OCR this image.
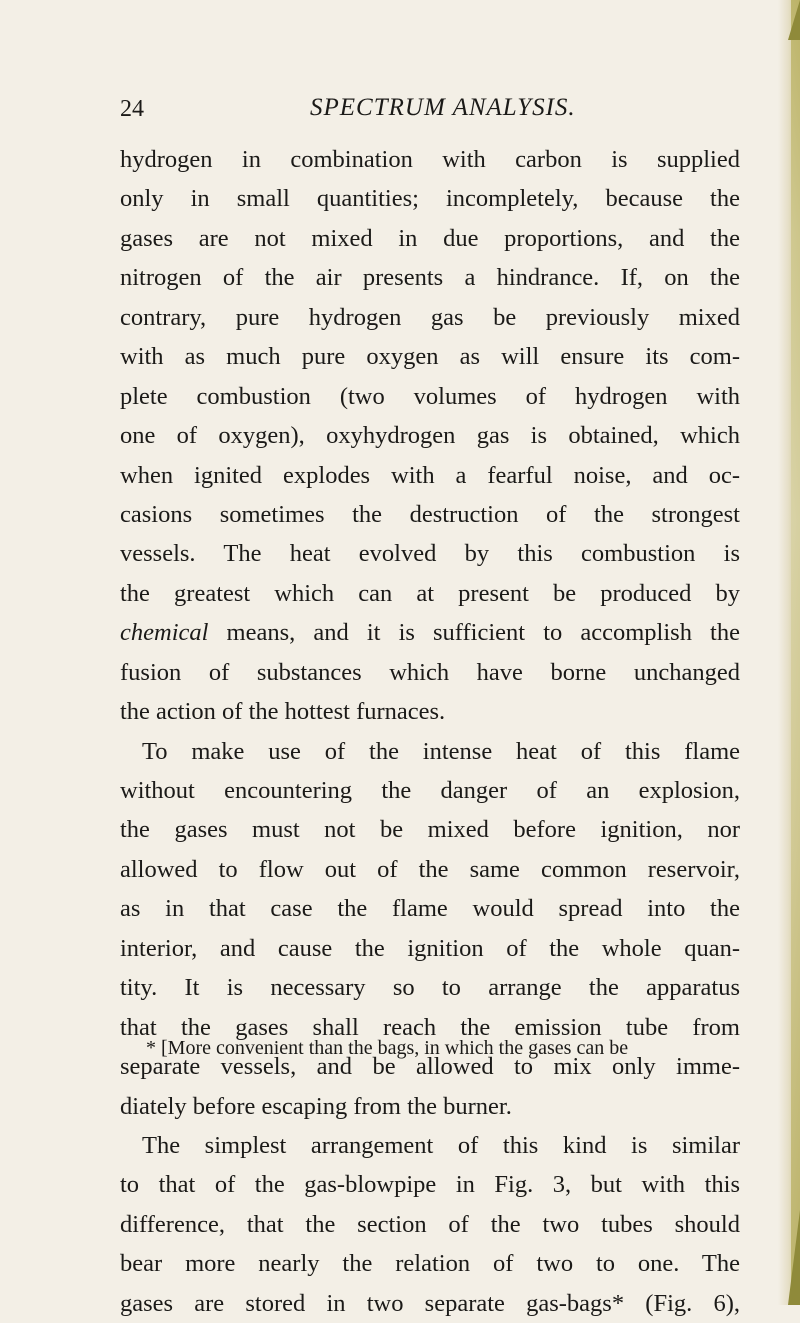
24	SPECTRUM ANALYSIS.
hydrogen in combination with carbon is supplied
only in small quantities; incompletely, because the
gases are not mixed in due proportions, and the
nitrogen of the air presents a hindrance. If, on the
contrary, pure hydrogen gas be previously mixed
with as much pure oxygen as will ensure its com-
plete combustion (two volumes of hydrogen with
one of oxygen), oxyhydrogen gas is obtained, which
when ignited explodes with a fearful noise, and oc-
casions sometimes the destruction of the strongest
vessels. The heat evolved by this combustion is
the greatest which can at present be produced by
chemical means, and it is sufficient to accomplish the
fusion of substances which have borne unchanged
the action of the hottest furnaces.
To make use of the intense heat of this flame
without encountering the danger of an explosion,
the gases must not be mixed before ignition, nor
allowed to flow out of the same common reservoir,
as in that case the flame would spread into the
interior, and cause the ignition of the whole quan-
tity. It is necessary so to arrange the apparatus
that the gases shall reach the emission tube from
separate vessels, and be allowed to mix only imme-
diately before escaping from the burner.
The simplest arrangement of this kind is similar
to that of the gas-blowpipe in Fig. 3, but with this
difference, that the section of the two tubes should
bear more nearly the relation of two to one. The
gases are stored in two separate gas-bags* (Fig. 6),
* [More convenient than the bags, in which the gases can be
